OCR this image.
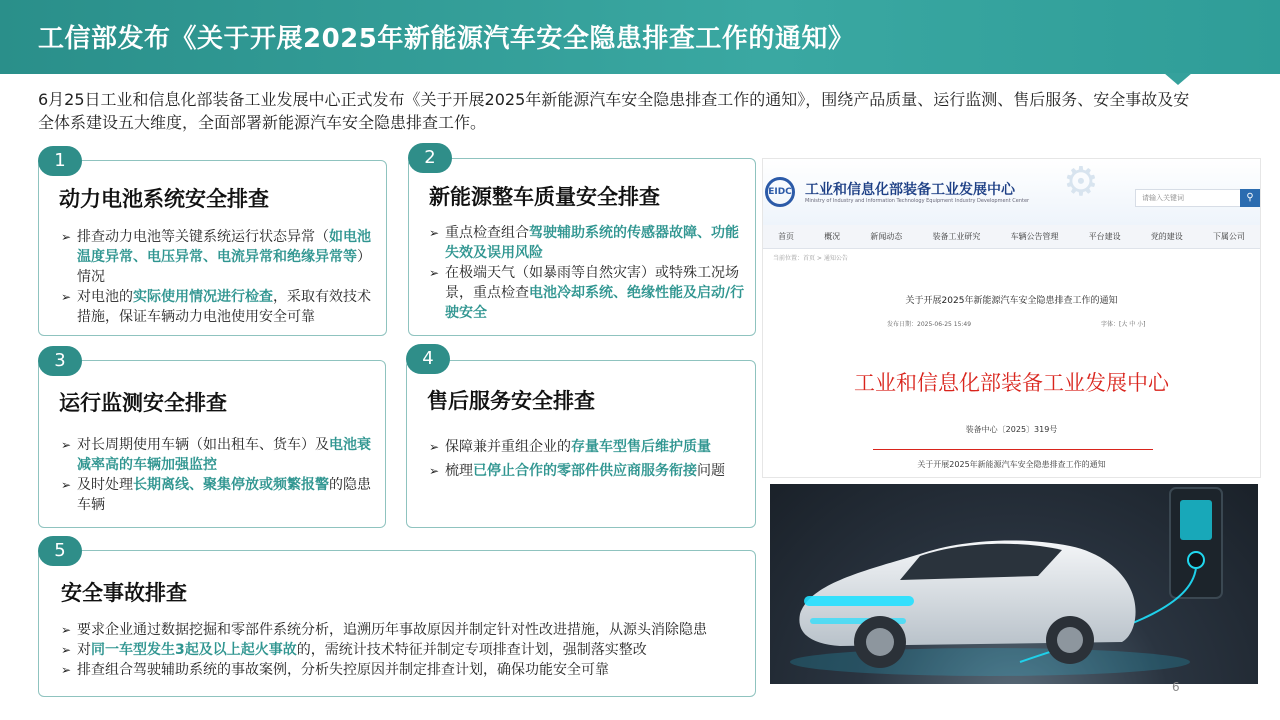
工信部发布《关于开展2025年新能源汽车安全隐患排查工作的通知》

6月25日工业和信息化部装备工业发展中心正式发布《关于开展2025年新能源汽车安全隐患排查工作的通知》，围绕产品质量、运行监测、售后服务、安全事故及安全体系建设五大维度，全面部署新能源汽车安全隐患排查工作。

动力电池系统安全排查
➢ 排查动力电池等关键系统运行状态异常（如电池温度异常、电压异常、电流异常和绝缘异常等）情况
➢ 对电池的实际使用情况进行检查，采取有效技术措施，保证车辆动力电池使用安全可靠
1
新能源整车质量安全排查
➢ 重点检查组合驾驶辅助系统的传感器故障、功能失效及误用风险
➢ 在极端天气（如暴雨等自然灾害）或特殊工况场景，重点检查电池冷却系统、绝缘性能及启动/行驶安全
2
运行监测安全排查
➢ 对长周期使用车辆（如出租车、货车）及电池衰减率高的车辆加强监控
➢ 及时处理长期离线、聚集停放或频繁报警的隐患车辆
3
售后服务安全排查
➢ 保障兼并重组企业的存量车型售后维护质量
➢ 梳理已停止合作的零部件供应商服务衔接问题
4
安全事故排查
➢ 要求企业通过数据挖掘和零部件系统分析，追溯历年事故原因并制定针对性改进措施，从源头消除隐患
➢ 对同一车型发生3起及以上起火事故的，需统计技术特征并制定专项排查计划，强制落实整改
➢ 排查组合驾驶辅助系统的事故案例，分析失控原因并制定排查计划，确保功能安全可靠
5
EIDC 工业和信息化部装备工业发展中心
Ministry of Industry and Information Technology Equipment Industry Development Center ⚙	请输入关键词	⚲
首页	概况	新闻动态	装备工业研究	车辆公告管理	平台建设	党的建设	下属公司
当前位置：首页 > 通知公告
关于开展2025年新能源汽车安全隐患排查工作的通知
发布日期：2025-06-25 15:49	字体：[大 中 小]
工业和信息化部装备工业发展中心
装备中心〔2025〕319号
关于开展2025年新能源汽车安全隐患排查工作的通知
6
